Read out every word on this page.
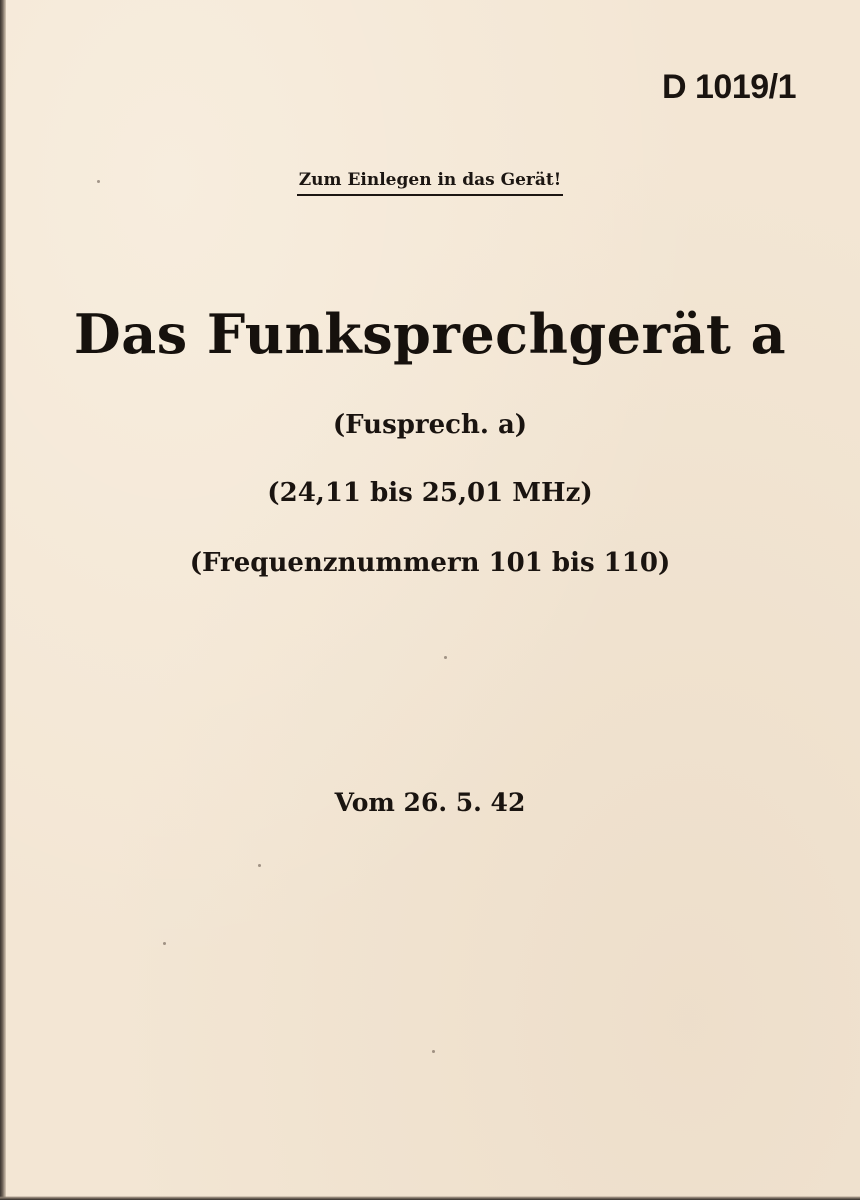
D 1019/1
Zum Einlegen in das Gerät!
Das Funksprechgerät a
(Fusprech. a)
(24,11 bis 25,01 MHz)
(Frequenznummern 101 bis 110)
Vom 26. 5. 42
